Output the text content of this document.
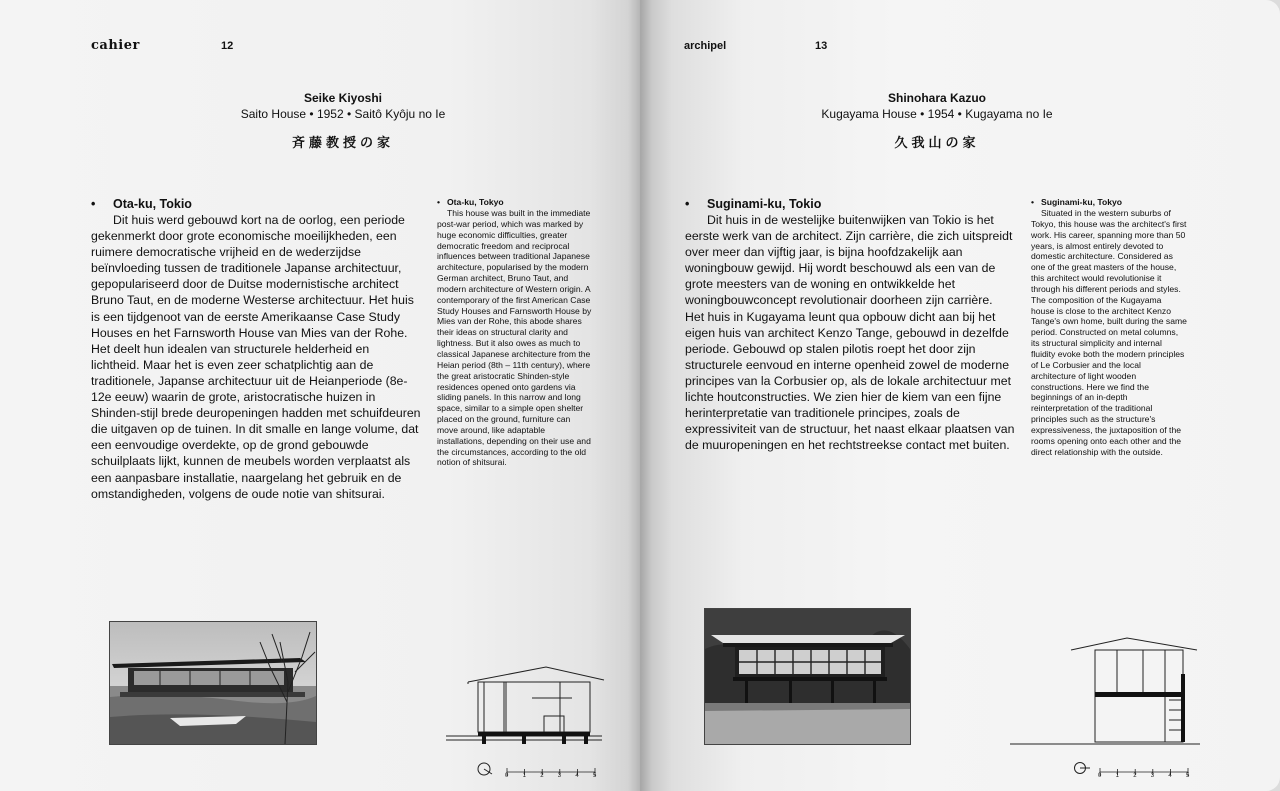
cahier	12
Seike Kiyoshi
Saito House • 1952 • Saitô Kyôju no Ie
斉藤教授の家
• Ota-ku, Tokio

Dit huis werd gebouwd kort na de oorlog, een periode gekenmerkt door grote economische moeilijkheden, een ruimere democratische vrijheid en de wederzijdse beïnvloeding tussen de traditionele Japanse architectuur, gepopulariseerd door de Duitse modernistische architect Bruno Taut, en de moderne Westerse architectuur. Het huis is een tijdgenoot van de eerste Amerikaanse Case Study Houses en het Farnsworth House van Mies van der Rohe. Het deelt hun idealen van structurele helderheid en lichtheid. Maar het is even zeer schatplichtig aan de traditionele, Japanse architectuur uit de Heianperiode (8e-12e eeuw) waarin de grote, aristocratische huizen in Shinden-stijl brede deuropeningen hadden met schuifdeuren die uitgaven op de tuinen. In dit smalle en lange volume, dat een eenvoudige overdekte, op de grond gebouwde schuilplaats lijkt, kunnen de meubels worden verplaatst als een aanpasbare installatie, naargelang het gebruik en de omstandigheden, volgens de oude notie van shitsurai.

• Ota-ku, Tokyo

This house was built in the immediate post-war period, which was marked by huge economic difficulties, greater democratic freedom and reciprocal influences between traditional Japanese architecture, popularised by the modern German architect, Bruno Taut, and modern architecture of Western origin. A contemporary of the first American Case Study Houses and Farnsworth House by Mies van der Rohe, this abode shares their ideas on structural clarity and lightness. But it also owes as much to classical Japanese architecture from the Heian period (8th – 11th century), where the great aristocratic Shinden-style residences opened onto gardens via sliding panels. In this narrow and long space, similar to a simple open shelter placed on the ground, furniture can move around, like adaptable installations, depending on their use and the circumstances, according to the old notion of shitsurai.

0 1 2 3 4 5
archipel	13
Shinohara Kazuo
Kugayama House • 1954 • Kugayama no Ie
久我山の家
• Suginami-ku, Tokio

Dit huis in de westelijke buitenwijken van Tokio is het eerste werk van de architect. Zijn carrière, die zich uitspreidt over meer dan vijftig jaar, is bijna hoofdzakelijk aan woningbouw gewijd. Hij wordt beschouwd als een van de grote meesters van de woning en ontwikkelde het woningbouwconcept revolutionair doorheen zijn carrière. Het huis in Kugayama leunt qua opbouw dicht aan bij het eigen huis van architect Kenzo Tange, gebouwd in dezelfde periode. Gebouwd op stalen pilotis roept het door zijn structurele eenvoud en interne openheid zowel de moderne principes van la Corbusier op, als de lokale architectuur met lichte houtconstructies. We zien hier de kiem van een fijne herinterpretatie van traditionele principes, zoals de expressiviteit van de structuur, het naast elkaar plaatsen van de muuropeningen en het rechtstreekse contact met buiten.

• Suginami-ku, Tokyo

Situated in the western suburbs of Tokyo, this house was the architect's first work. His career, spanning more than 50 years, is almost entirely devoted to domestic architecture. Considered as one of the great masters of the house, this architect would revolutionise it through his different periods and styles. The composition of the Kugayama house is close to the architect Kenzo Tange's own home, built during the same period. Constructed on metal columns, its structural simplicity and internal fluidity evoke both the modern principles of Le Corbusier and the local architecture of light wooden constructions. Here we find the beginnings of an in-depth reinterpretation of the traditional principles such as the structure's expressiveness, the juxtaposition of the rooms opening onto each other and the direct relationship with the outside.

0 1 2 3 4 5
